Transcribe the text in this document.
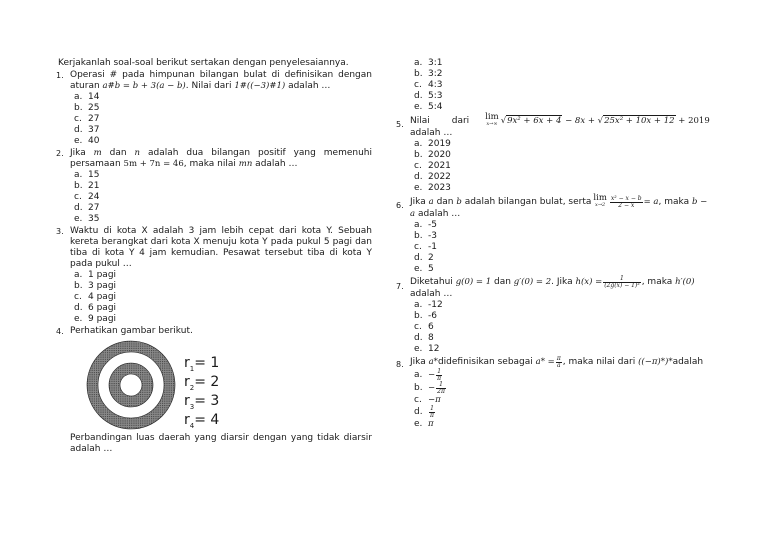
Kerjakanlah soal-soal berikut sertakan dengan penyelesaiannya.
1. Operasi # pada himpunan bilangan bulat di definisikan dengan aturan a#b = b + 3(a − b). Nilai dari 1#((−3)#1) adalah …
a. 14
b. 25
c. 27
d. 37
e. 40
2. Jika m dan n adalah dua bilangan positif yang memenuhi persamaan 5m + 7n = 46, maka nilai mn adalah …
a. 15
b. 21
c. 24
d. 27
e. 35
3. Waktu di kota X adalah 3 jam lebih cepat dari kota Y. Sebuah kereta berangkat dari kota X menuju kota Y pada pukul 5 pagi dan tiba di kota Y 4 jam kemudian. Pesawat tersebut tiba di kota Y pada pukul …
a. 1 pagi
b. 3 pagi
c. 4 pagi
d. 6 pagi
e. 9 pagi
4. Perhatikan gambar berikut.
$r_1= 1$
$r_2= 2$
$r_3= 3$
$r_4= 4$
Perbandingan luas daerah yang diarsir dengan yang tidak diarsir adalah …
a. 3:1
b. 3:2
c. 4:3
d. 5:3
e. 5:4
5. Nilai dari lim
x→∞ √9x² + 6x + 4 − 8x + √25x² + 10x + 12 + 2019
adalah …
a. 2019
b. 2020
c. 2021
d. 2022
e. 2023
6. Jika
a
dan
b
adalah bilangan bulat, serta lim
$x\to 2 \frac{\text{x² − x − b}}{2 - x} = a$ , maka
b −
a adalah …
a. -5
b. -3
c. -1
d. 2
e. 5
7. Diketahui
g(0) = 1
dan
g′(0) = 2 . Jika
$h(x) = \frac{1}{\text{(2g(x) − 1)³}}$ , maka
h′(0)
adalah …
a. -12
b. -6
c. 6
d. 8
e. 12
8. Jika
a* didefinisikan sebagai
$a* = \frac{\pi}{a}$ , maka nilai dari
((−π)*)* adalah
a. − $\frac{1}{\pi}$
b. − $\frac{1}{2\pi}$
c. −π
d.	$\frac{1}{\pi}$
e. π
